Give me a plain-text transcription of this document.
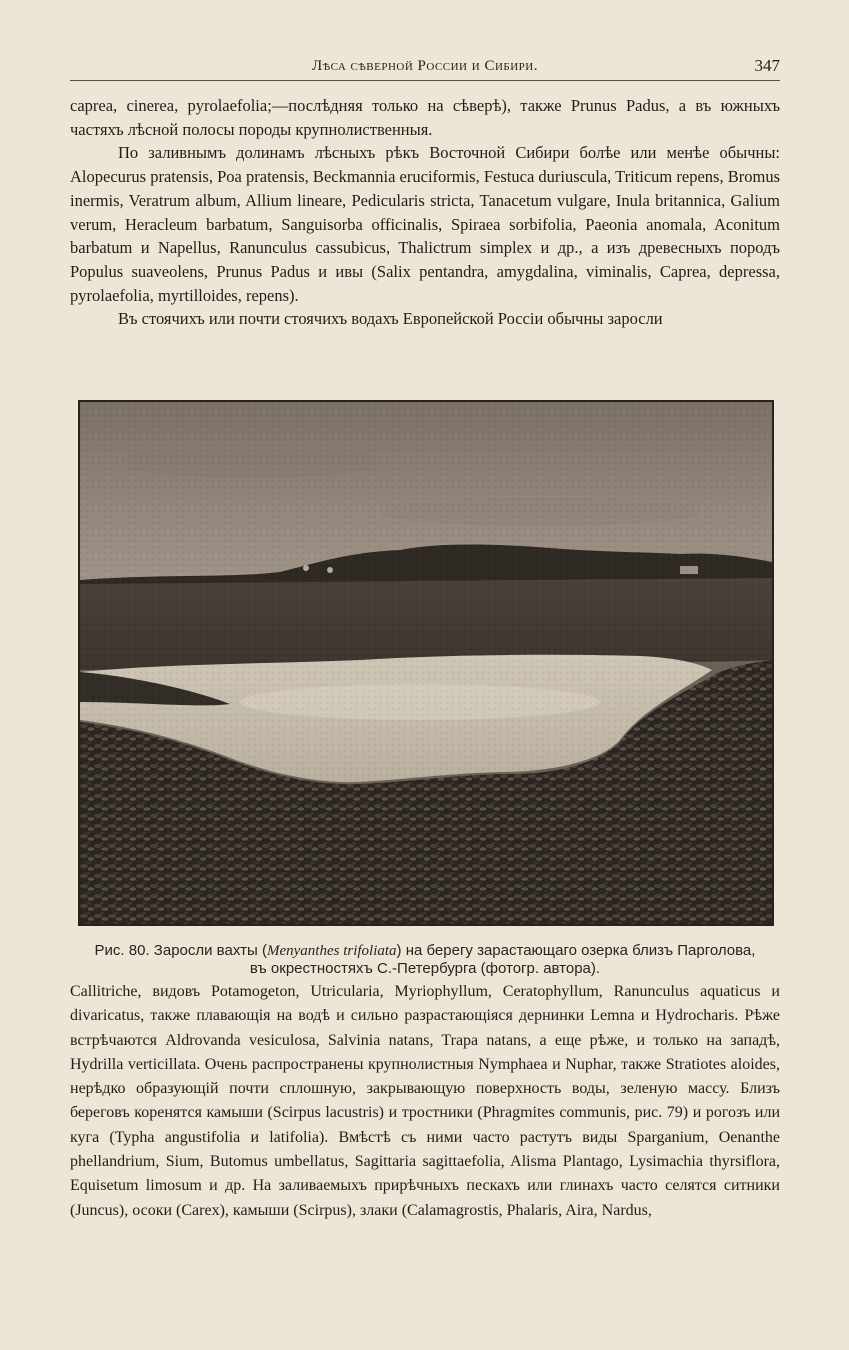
Лѣса сѣверной России и Сибири.	347

caprea, cinerea, pyrolaefolia;—послѣдняя только на сѣверѣ), также Prunus Padus, а въ южныхъ частяхъ лѣсной полосы породы крупнолиственныя.

По заливнымъ долинамъ лѣсныхъ рѣкъ Восточной Сибири болѣе или менѣе обычны: Alopecurus pratensis, Poa pratensis, Beckmannia eruciformis, Festuca duriuscula, Triticum repens, Bromus inermis, Veratrum album, Allium lineare, Pedicularis stricta, Tanacetum vulgare, Inula britannica, Galium verum, Heracleum barbatum, Sanguisorba officinalis, Spiraea sorbifolia, Paeonia anomala, Aconitum barbatum и Napellus, Ranunculus cassubicus, Thalictrum simplex и др., а изъ древесныхъ породъ Populus suaveolens, Prunus Padus и ивы (Salix pentandra, amygdalina, viminalis, Caprea, depressa, pyrolaefolia, myrtilloides, repens).

Въ стоячихъ или почти стоячихъ водахъ Европейской Россіи обычны заросли

Рис. 80. Заросли вахты (Menyanthes trifoliata) на берегу зарастающаго озерка близъ Парголова, въ окрестностяхъ С.-Петербурга (фотогр. автора).

Callitriche, видовъ Potamogeton, Utricularia, Myriophyllum, Ceratophyllum, Ranunculus aquaticus и divaricatus, также плавающія на водѣ и сильно разрастающіяся дернинки Lemna и Hydrocharis. Рѣже встрѣчаются Aldrovanda vesiculosa, Salvinia natans, Trapa natans, а еще рѣже, и только на западѣ, Hydrilla verticillata. Очень распространены крупнолистныя Nymphaea и Nuphar, также Stratiotes aloides, нерѣдко образующій почти сплошную, закрывающую поверхность воды, зеленую массу. Близъ береговъ коренятся камыши (Scirpus lacustris) и тростники (Phragmites communis, рис. 79) и рогозъ или куга (Typha angustifolia и latifolia). Вмѣстѣ съ ними часто растутъ виды Sparganium, Oenanthe phellandrium, Sium, Butomus umbellatus, Sagittaria sagittaefolia, Alisma Plantago, Lysimachia thyrsiflora, Equisetum limosum и др. На заливаемыхъ прирѣчныхъ пескахъ или глинахъ часто селятся ситники (Juncus), осоки (Carex), камыши (Scirpus), злаки (Calamagrostis, Phalaris, Aira, Nardus,
